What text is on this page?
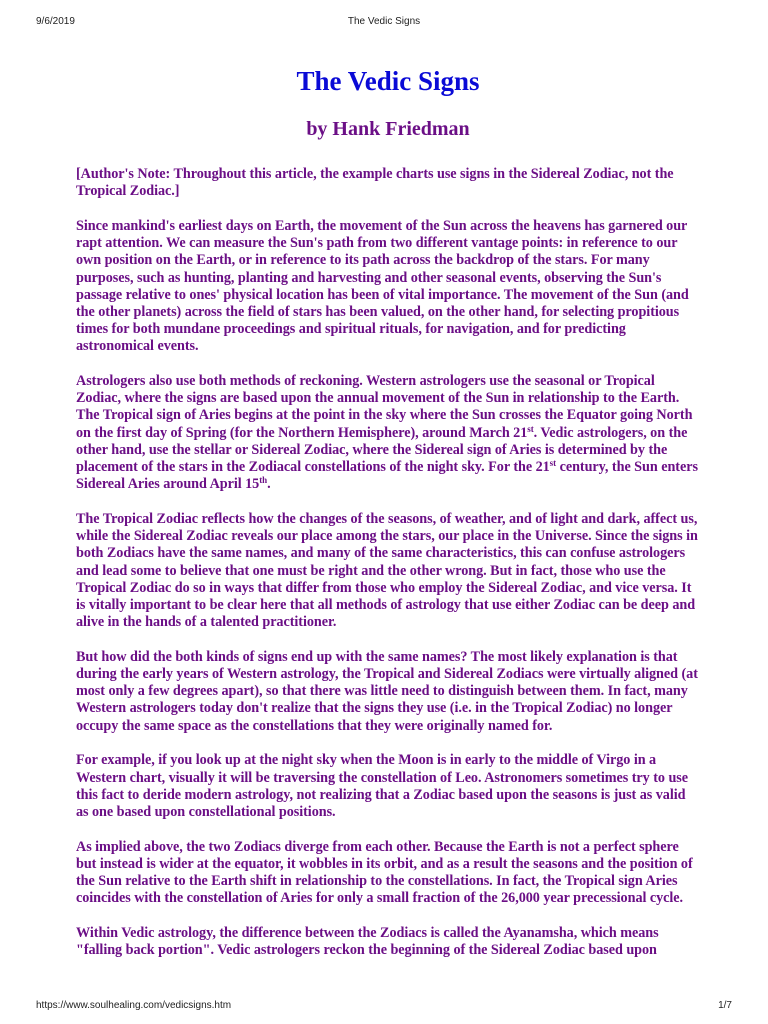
9/6/2019	The Vedic Signs
The Vedic Signs
by Hank Friedman

[Author's Note: Throughout this article, the example charts use signs in the Sidereal Zodiac, not the Tropical Zodiac.]

Since mankind's earliest days on Earth, the movement of the Sun across the heavens has garnered our rapt attention. We can measure the Sun's path from two different vantage points: in reference to our own position on the Earth, or in reference to its path across the backdrop of the stars. For many purposes, such as hunting, planting and harvesting and other seasonal events, observing the Sun's passage relative to ones' physical location has been of vital importance. The movement of the Sun (and the other planets) across the field of stars has been valued, on the other hand, for selecting propitious times for both mundane proceedings and spiritual rituals, for navigation, and for predicting astronomical events.

Astrologers also use both methods of reckoning. Western astrologers use the seasonal or Tropical Zodiac, where the signs are based upon the annual movement of the Sun in relationship to the Earth. The Tropical sign of Aries begins at the point in the sky where the Sun crosses the Equator going North on the first day of Spring (for the Northern Hemisphere), around March 21st. Vedic astrologers, on the other hand, use the stellar or Sidereal Zodiac, where the Sidereal sign of Aries is determined by the placement of the stars in the Zodiacal constellations of the night sky. For the 21st century, the Sun enters Sidereal Aries around April 15th.

The Tropical Zodiac reflects how the changes of the seasons, of weather, and of light and dark, affect us, while the Sidereal Zodiac reveals our place among the stars, our place in the Universe. Since the signs in both Zodiacs have the same names, and many of the same characteristics, this can confuse astrologers and lead some to believe that one must be right and the other wrong. But in fact, those who use the Tropical Zodiac do so in ways that differ from those who employ the Sidereal Zodiac, and vice versa. It is vitally important to be clear here that all methods of astrology that use either Zodiac can be deep and alive in the hands of a talented practitioner.

But how did the both kinds of signs end up with the same names? The most likely explanation is that during the early years of Western astrology, the Tropical and Sidereal Zodiacs were virtually aligned (at most only a few degrees apart), so that there was little need to distinguish between them. In fact, many Western astrologers today don't realize that the signs they use (i.e. in the Tropical Zodiac) no longer occupy the same space as the constellations that they were originally named for.

For example, if you look up at the night sky when the Moon is in early to the middle of Virgo in a Western chart, visually it will be traversing the constellation of Leo. Astronomers sometimes try to use this fact to deride modern astrology, not realizing that a Zodiac based upon the seasons is just as valid as one based upon constellational positions.

As implied above, the two Zodiacs diverge from each other. Because the Earth is not a perfect sphere but instead is wider at the equator, it wobbles in its orbit, and as a result the seasons and the position of the Sun relative to the Earth shift in relationship to the constellations. In fact, the Tropical sign Aries coincides with the constellation of Aries for only a small fraction of the 26,000 year precessional cycle.

Within Vedic astrology, the difference between the Zodiacs is called the Ayanamsha, which means "falling back portion". Vedic astrologers reckon the beginning of the Sidereal Zodiac based upon

https://www.soulhealing.com/vedicsigns.htm	1/7
